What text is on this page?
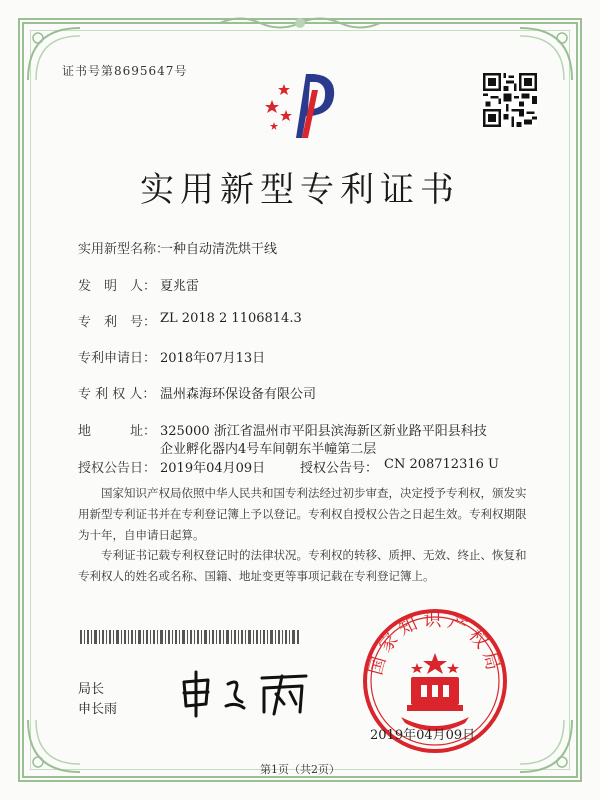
证书号第8695647号
实用新型专利证书
实用新型名称：
一种自动清洗烘干线
发　明　人： 夏兆雷
专　利　号： ZL 2018 2 1106814.3
专利申请日： 2018年07月13日
专 利 权 人： 温州森海环保设备有限公司
地　　　址： 325000 浙江省温州市平阳县滨海新区新业路平阳县科技
企业孵化器内4号车间朝东半幢第二层
授权公告日： 2019年04月09日	授权公告号： CN 208712316 U
国家知识产权局依照中华人民共和国专利法经过初步审查，决定授予专利权，颁发实用新型专利证书并在专利登记簿上予以登记。专利权自授权公告之日起生效。专利权期限为十年，自申请日起算。
专利证书记载专利权登记时的法律状况。专利权的转移、质押、无效、终止、恢复和专利权人的姓名或名称、国籍、地址变更等事项记载在专利登记簿上。
局长
申长雨
国家知识产权局
2019年04月09日
第1页（共2页）
